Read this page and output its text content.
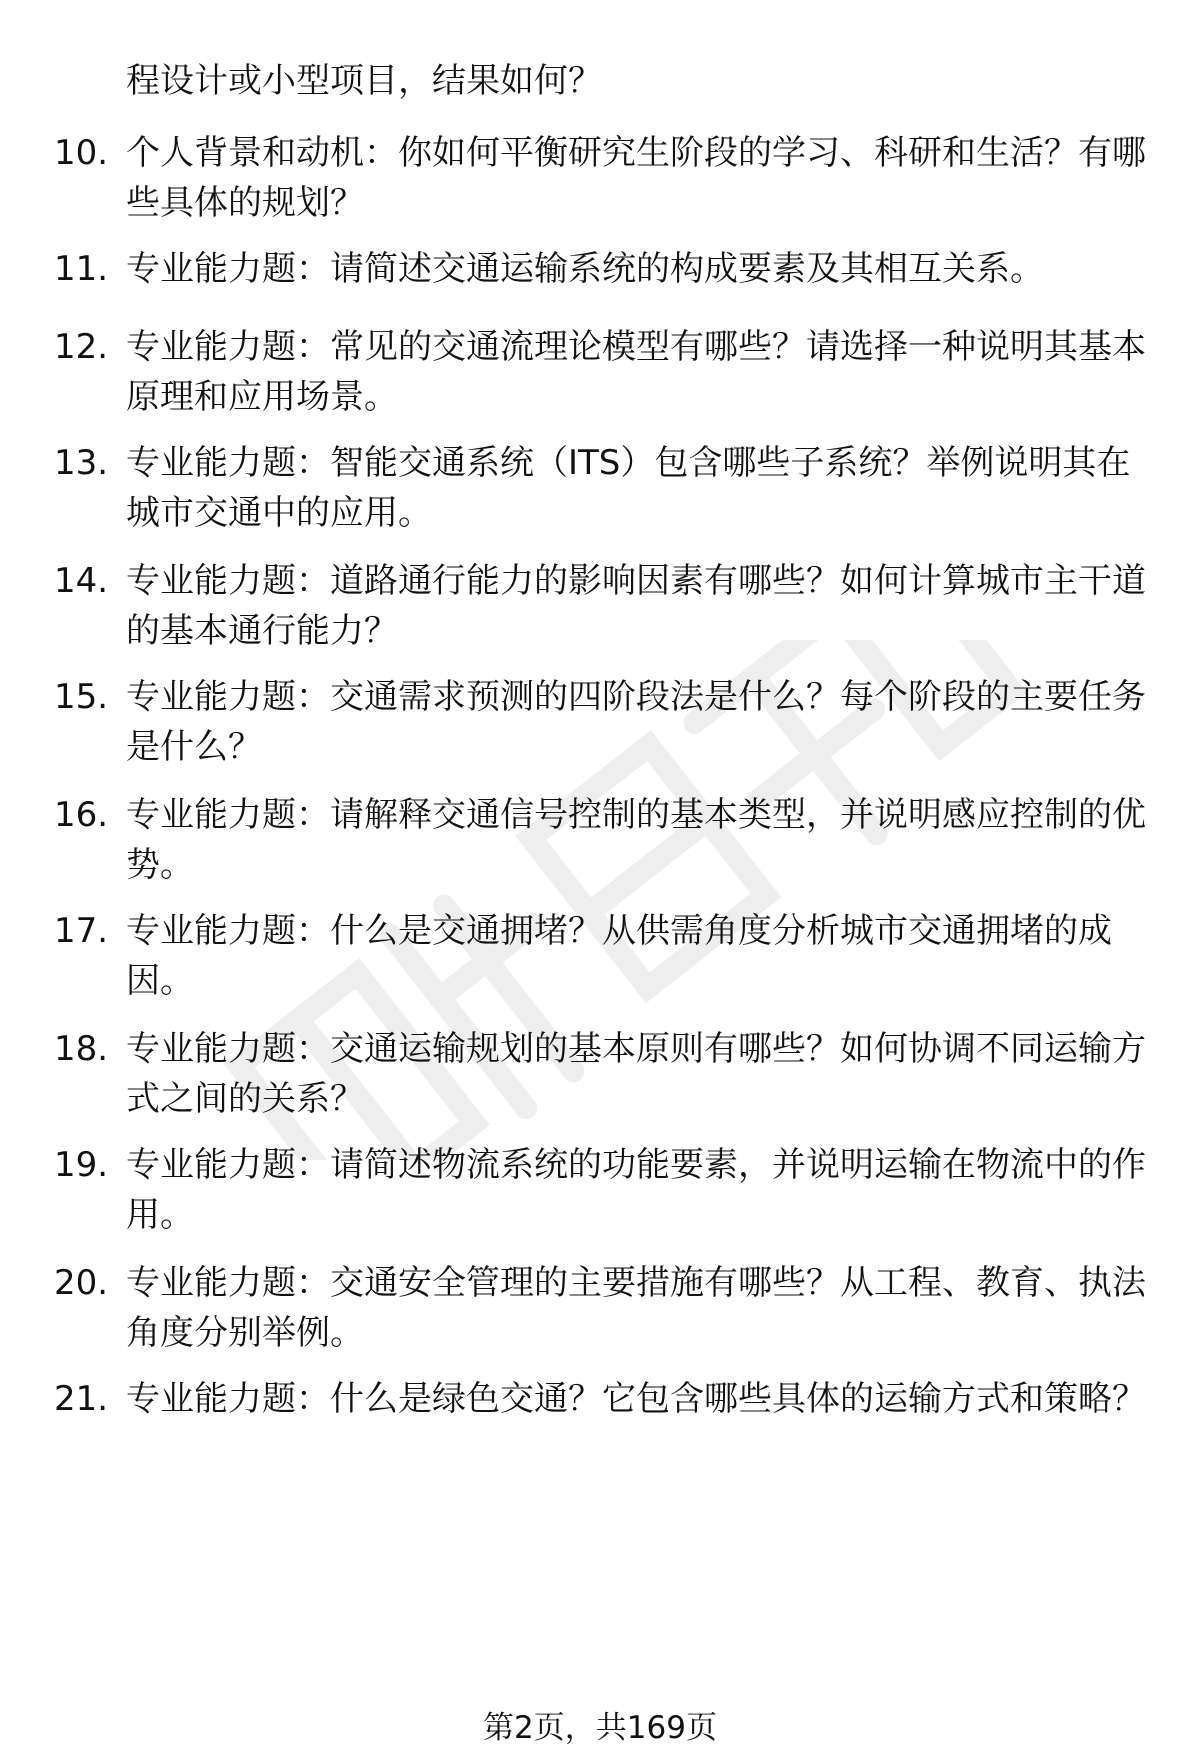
程设计或小型项目，结果如何？
10. 个人背景和动机：你如何平衡研究生阶段的学习、科研和生活？有哪些具体的规划？
11. 专业能力题：请简述交通运输系统的构成要素及其相互关系。
12. 专业能力题：常见的交通流理论模型有哪些？请选择一种说明其基本原理和应用场景。
13. 专业能力题：智能交通系统（ITS）包含哪些子系统？举例说明其在城市交通中的应用。
14. 专业能力题：道路通行能力的影响因素有哪些？如何计算城市主干道的基本通行能力？
15. 专业能力题：交通需求预测的四阶段法是什么？每个阶段的主要任务是什么？
16. 专业能力题：请解释交通信号控制的基本类型，并说明感应控制的优势。
17. 专业能力题：什么是交通拥堵？从供需角度分析城市交通拥堵的成因。
18. 专业能力题：交通运输规划的基本原则有哪些？如何协调不同运输方式之间的关系？
19. 专业能力题：请简述物流系统的功能要素，并说明运输在物流中的作用。
20. 专业能力题：交通安全管理的主要措施有哪些？从工程、教育、执法角度分别举例。
21. 专业能力题：什么是绿色交通？它包含哪些具体的运输方式和策略？
第2页，共169页
